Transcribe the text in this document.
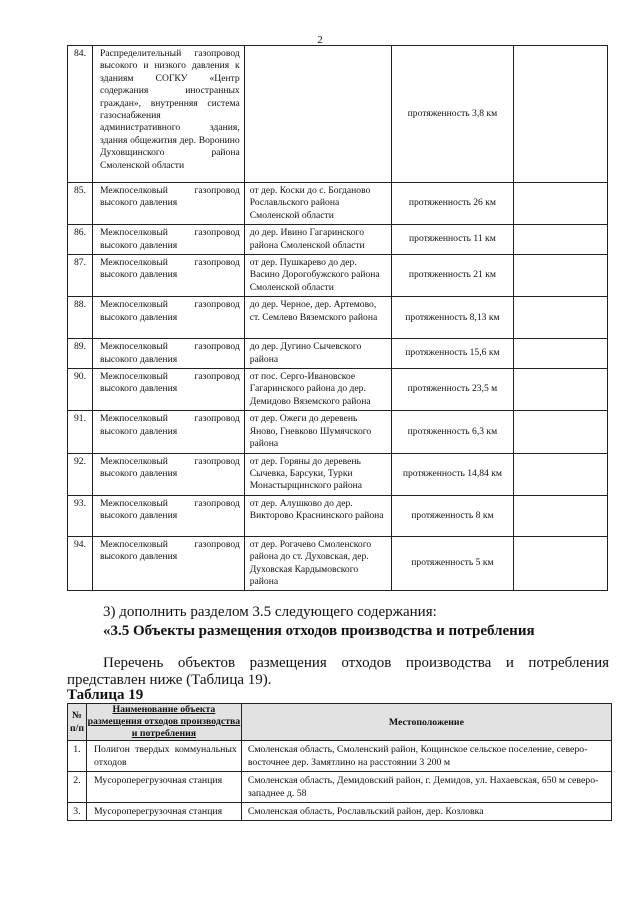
2
84.	Распределительный газопровод высокого и низкого давления к зданиям СОГКУ «Центр содержания иностранных граждан», внутренняя система газоснабжения административного здания, здания общежития дер. Воронино Духовщинского района Смоленской области		протяженность 3,8 км	
85.	Межпоселковый газопровод высокого давления	от дер. Коски до с. Богданово Рославльского района Смоленской области	протяженность 26 км	
86.	Межпоселковый газопровод высокого давления	до дер. Ивино Гагаринского района Смоленской области	протяженность 11 км	
87.	Межпоселковый газопровод высокого давления	от дер. Пушкарево до дер. Васино Дорогобужского района Смоленской области	протяженность 21 км	
88.	Межпоселковый газопровод высокого давления	до дер. Черное, дер. Артемово, ст. Семлево Вяземского района	протяженность 8,13 км	
89.	Межпоселковый газопровод высокого давления	до дер. Дугино Сычевского района	протяженность 15,6 км	
90.	Межпоселковый газопровод высокого давления	от пос. Серго-Ивановское Гагаринского района до дер. Демидово Вяземского района	протяженность 23,5 м	
91.	Межпоселковый газопровод высокого давления	от дер. Ожеги до деревень Яново, Гневково Шумячского района	протяженность 6,3 км	
92.	Межпоселковый газопровод высокого давления	от дер. Горяны до деревень Сычевка, Барсуки, Турки Монастырщинского района	протяженность 14,84 км	
93.	Межпоселковый газопровод высокого давления	от дер. Алушково до дер. Викторово Краснинского района	протяженность 8 км	
94.	Межпоселковый газопровод высокого давления	от дер. Рогачево Смоленского района до ст. Духовская, дер. Духовская Кардымовского района	протяженность 5 км	
3) дополнить разделом 3.5 следующего содержания:
«3.5 Объекты размещения отходов производства и потребления
Перечень объектов размещения отходов производства и потребления
представлен ниже (Таблица 19).
Таблица 19
№ п/п	Наименование объекта размещения отходов производства и потребления	Местоположение
1.	Полигон твердых коммунальных отходов	Смоленская область, Смоленский район, Кощинское сельское поселение, северо-восточнее дер. Замятлино на расстоянии 3 200 м
2.	Мусороперегрузочная станция	Смоленская область, Демидовский район, г. Демидов, ул. Нахаевская, 650 м северо-западнее д. 58
3.	Мусороперегрузочная станция	Смоленская область, Рославльский район, дер. Козловка
